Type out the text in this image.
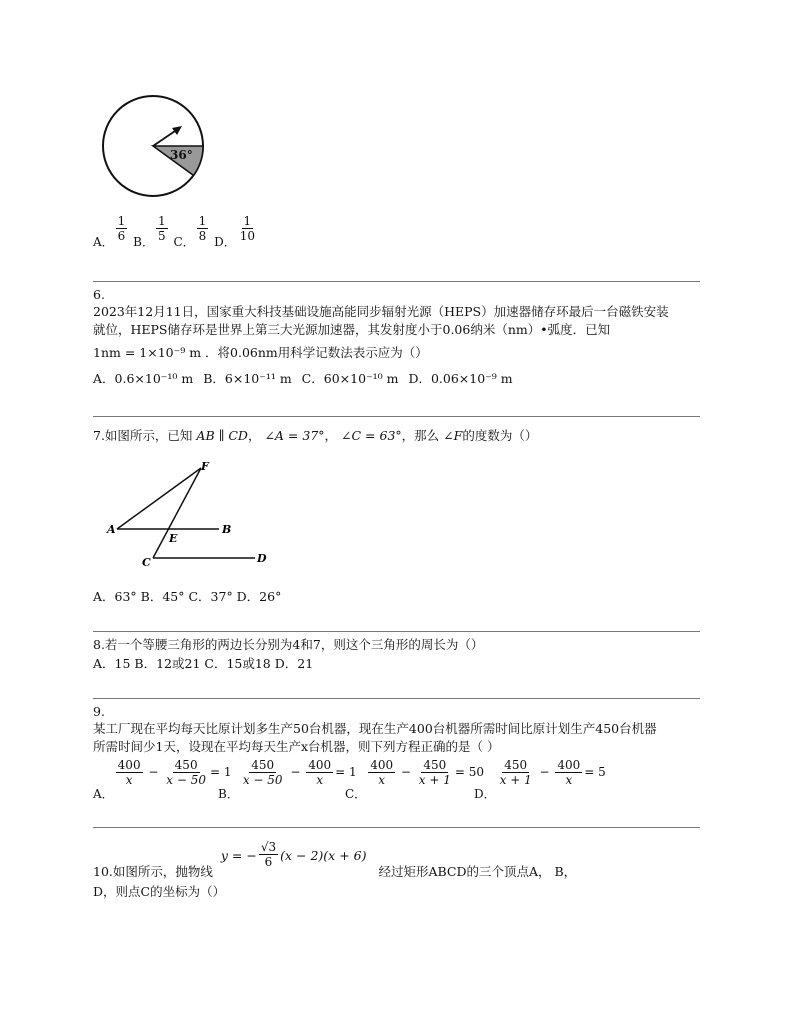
36°
A． $\frac{1}{6}$ B． $\frac{1}{5}$ C． $\frac{1}{8}$ D． $\frac{1}{10}$
6.
2023年12月11日，国家重大科技基础设施高能同步辐射光源（HEPS）加速器储存环最后一台磁铁安装
就位，HEPS储存环是世界上第三大光源加速器，其发射度小于0.06纳米（nm）•弧度．已知
1nm = 1×10⁻⁹ m ．将0.06nm用科学记数法表示应为（）
A．0.6×10⁻¹⁰ m B．6×10⁻¹¹ m C．60×10⁻¹⁰ m D．0.06×10⁻⁹ m
7.如图所示，已知 AB ∥ CD， ∠A = 37°， ∠C = 63°，那么 ∠F的度数为（）
F
A	B
E
C	D
A．63° B．45° C．37° D．26°
8.若一个等腰三角形的两边长分别为4和7，则这个三角形的周长为（）
A．15 B．12或21 C．15或18 D．21
9.
某工厂现在平均每天比原计划多生产50台机器，现在生产400台机器所需时间比原计划生产450台机器
所需时间少1天，设现在平均每天生产x台机器，则下列方程正确的是（ ）
A．
$\frac{400}{x} - \frac{450}{x - 50} = 1$
B．
$\frac{450}{x - 50} - \frac{400}{x} = 1$
C．
$\frac{400}{x} - \frac{450}{x + 1} = 50$
D．
$\frac{450}{x + 1} - \frac{400}{x} = 5$
10.如图所示，抛物线 y = − $\frac{√3}{6} (x - 2)(x + 6)$ 经过矩形ABCD的三个顶点A， B，
D，则点C的坐标为（）
